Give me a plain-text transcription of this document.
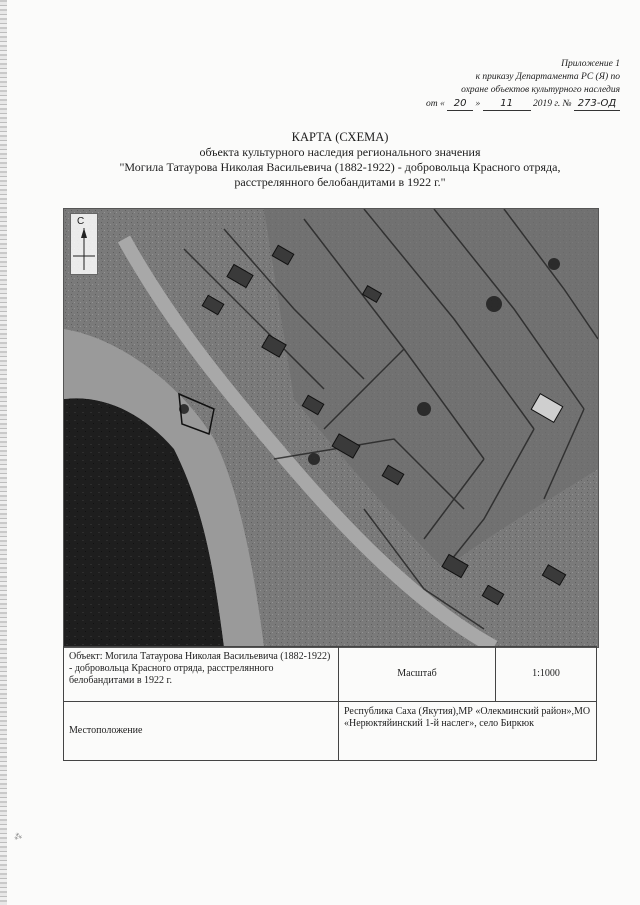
Приложение 1
к приказу Департамента РС (Я) по
охране объектов культурного наследия
от « 20 » 11 2019 г. № 273-ОД
КАРТА (СХЕМА)
объекта культурного наследия регионального значения
"Могила Татаурова Николая Васильевича (1882-1922) - добровольца Красного отряда,
расстрелянного белобандитами в 1922 г."
С
Объект: Могила Татаурова Николая Васильевича (1882-1922) - добровольца Красного отряда, расстрелянного белобандитами в 1922 г.	Масштаб	1:1000
Местоположение	Республика Саха (Якутия),МР «Олекминский район»,МО «Нерюктяйинский 1-й наслег», село Биркюк	
⁂
